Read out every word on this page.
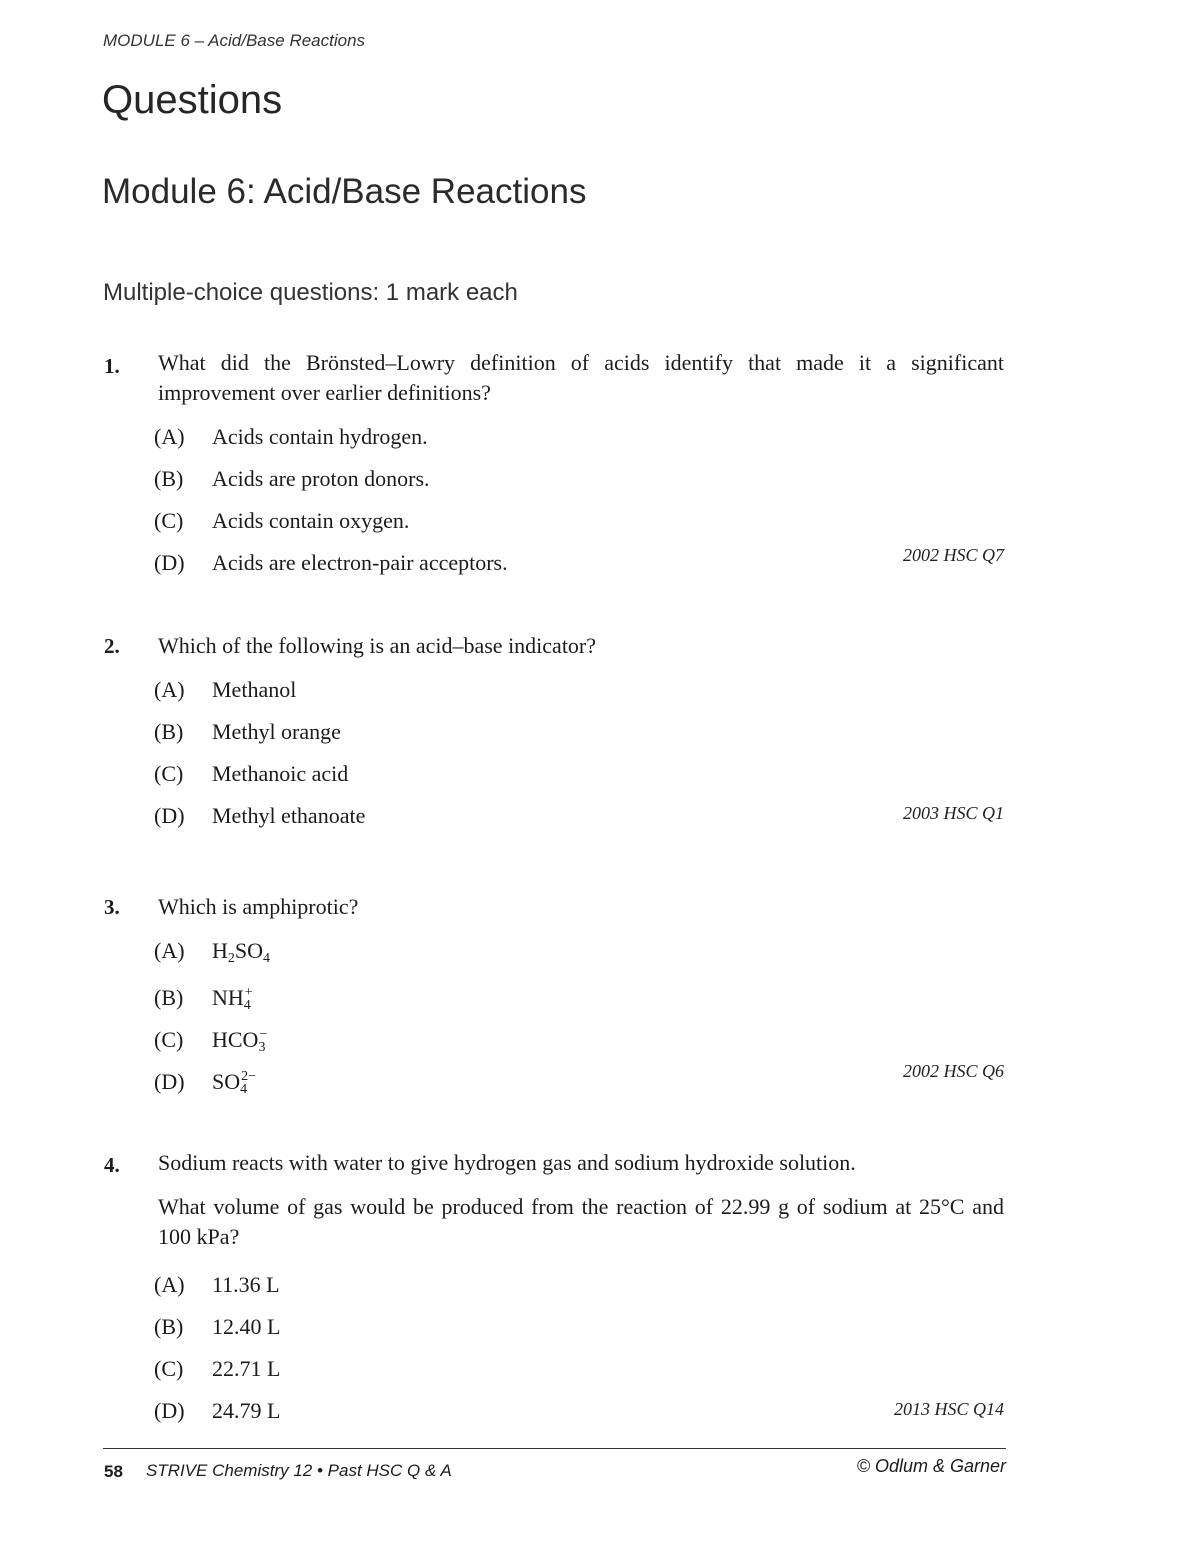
MODULE 6 – Acid/Base Reactions
Questions
Module 6: Acid/Base Reactions
Multiple-choice questions: 1 mark each
1. What did the Brönsted–Lowry definition of acids identify that made it a significant improvement over earlier definitions?
(A) Acids contain hydrogen.
(B) Acids are proton donors.
(C) Acids contain oxygen.
(D) Acids are electron-pair acceptors.	2002 HSC Q7
2. Which of the following is an acid–base indicator?
(A) Methanol
(B) Methyl orange
(C) Methanoic acid
(D) Methyl ethanoate	2003 HSC Q1
3. Which is amphiprotic?
(A) $H_2SO_4$
(B) $NH_4^+$
(C) $HCO_3^-$
(D) $SO_4^{2-}$	2002 HSC Q6
4. Sodium reacts with water to give hydrogen gas and sodium hydroxide solution.

What volume of gas would be produced from the reaction of 22.99 g of sodium at 25°C and 100 kPa?

(A) 11.36 L
(B) 12.40 L
(C) 22.71 L
(D) 24.79 L	2013 HSC Q14
58 STRIVE Chemistry 12 • Past HSC Q & A	© Odlum & Garner
